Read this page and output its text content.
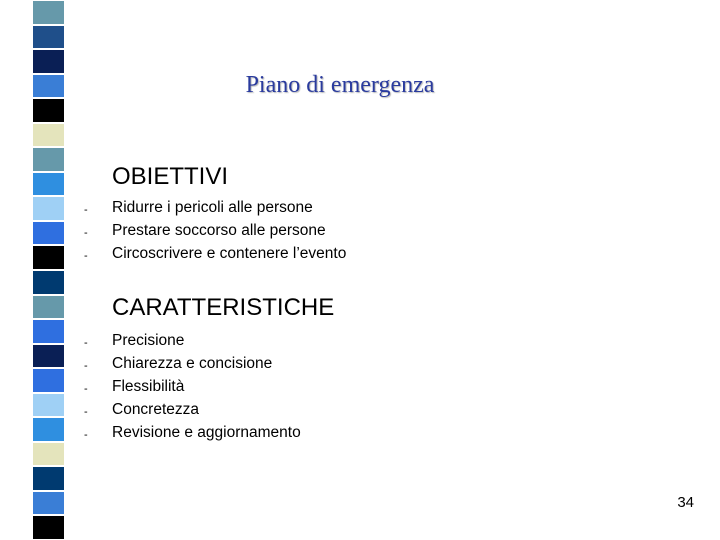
Piano di emergenza
OBIETTIVI
- Ridurre i pericoli alle persone
- Prestare soccorso alle persone
- Circoscrivere e contenere l’evento
CARATTERISTICHE
- Precisione
- Chiarezza e concisione
- Flessibilità
- Concretezza
- Revisione e aggiornamento
34
